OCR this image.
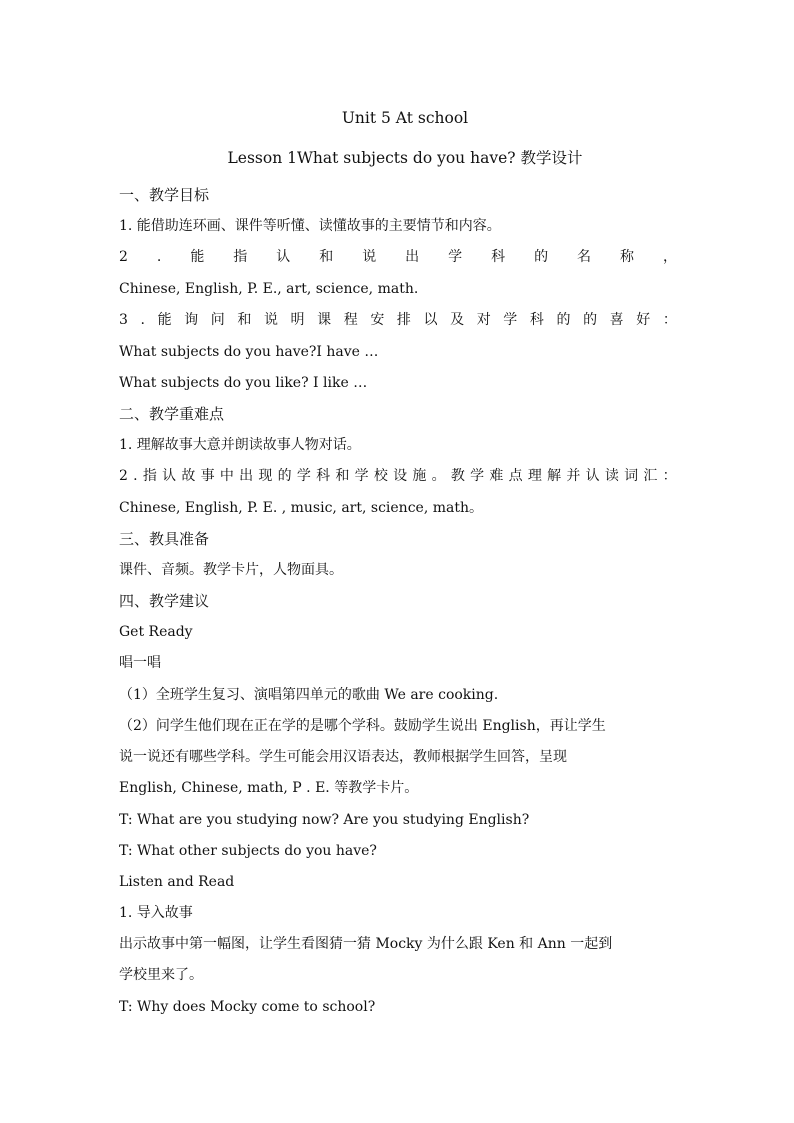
Unit 5 At school
Lesson 1What subjects do you have? 教学设计
一、教学目标
1. 能借助连环画、课件等听懂、读懂故事的主要情节和内容。
2 . 能 指 认 和 说 出 学 科 的 名 称 ，
Chinese, English, P. E., art, science, math.
3 . 能 询 问 和 说 明 课 程 安 排 以 及 对 学 科 的 的 喜 好 ：
What subjects do you have?I have …
What subjects do you like? I like …
二、教学重难点
1. 理解故事大意并朗读故事人物对话。
2 . 指 认 故 事 中 出 现 的 学 科 和 学 校 设 施 。 教 学 难 点 理 解 并 认 读 词 汇 ：
Chinese, English, P. E. , music, art, science, math。
三、教具准备
课件、音频。教学卡片，人物面具。
四、教学建议
Get Ready
唱一唱
（1）全班学生复习、演唱第四单元的歌曲 We are cooking.
（2）问学生他们现在正在学的是哪个学科。鼓励学生说出 English，再让学生
说一说还有哪些学科。学生可能会用汉语表达，教师根据学生回答，呈现
English, Chinese, math, P . E. 等教学卡片。
T: What are you studying now? Are you studying English?
T: What other subjects do you have?
Listen and Read
1. 导入故事
出示故事中第一幅图，让学生看图猜一猜 Mocky 为什么跟 Ken 和 Ann 一起到
学校里来了。
T: Why does Mocky come to school?
